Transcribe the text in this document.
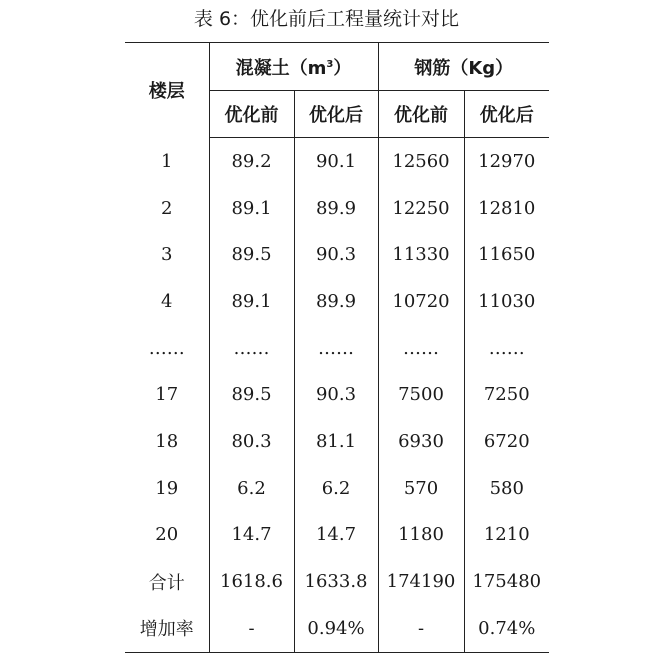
表 6：优化前后工程量统计对比
楼层	混凝土$(m^3)$		钢筋（Kg）	
	优化前	优化后	优化前	优化后
1	89.2	90.1	12560	12970
2	89.1	89.9	12250	12810
3	89.5	90.3	11330	11650
4	89.1	89.9	10720	11030
……	……	……	……	……
17	89.5	90.3	7500	7250
18	80.3	81.1	6930	6720
19	6.2	6.2	570	580
20	14.7	14.7	1180	1210
合计	1618.6	1633.8	174190	175480
增加率	-	0.94%	-	0.74%
